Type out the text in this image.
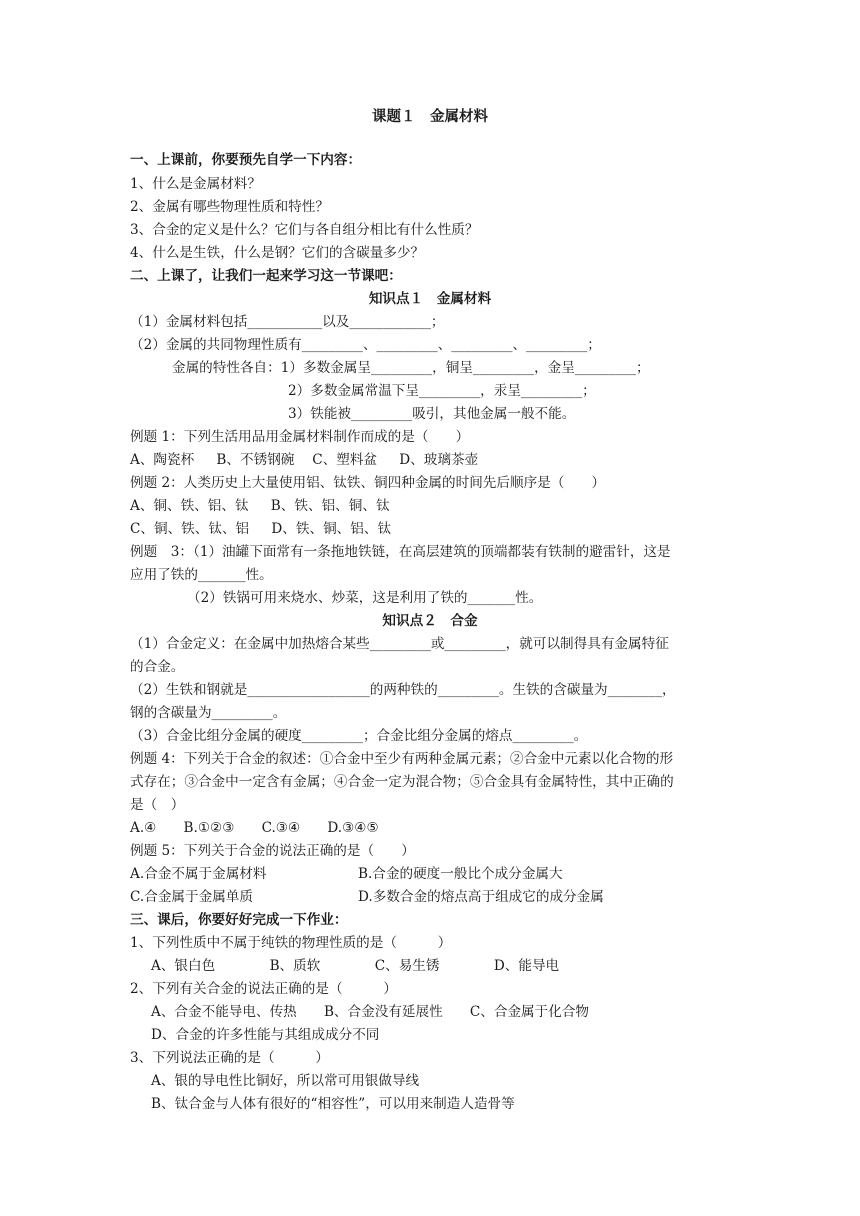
课题１　金属材料
一、上课前，你要预先自学一下内容：
1、什么是金属材料？
2、金属有哪些物理性质和特性？
3、合金的定义是什么？它们与各自组分相比有什么性质？
4、什么是生铁，什么是钢？它们的含碳量多少？
二、上课了，让我们一起来学习这一节课吧：
知识点１　金属材料
（1）金属材料包括___________以及____________；
（2）金属的共同物理性质有_________、_________、_________、_________；
金属的特性各自：1）多数金属呈_________，铜呈_________，金呈_________；
2）多数金属常温下呈_________，汞呈_________；
3）铁能被_________吸引，其他金属一般不能。
例题 1：下列生活用品用金属材料制作而成的是（　　）
A、陶瓷杯　  B、不锈钢碗　 C、塑料盆　  D、玻璃茶壶
例题 2：人类历史上大量使用铝、钛铁、铜四种金属的时间先后顺序是（　　）
A、铜、铁、铝、钛　  B、铁、铝、铜、钛
C、铜、铁、钛、铝　  D、铁、铜、铝、钛
例题　3：（1）油罐下面常有一条拖地铁链，在高层建筑的顶端都装有铁制的避雷针，这是
应用了铁的_______性。
（2）铁锅可用来烧水、炒菜，这是利用了铁的_______性。
知识点２　合金
（1）合金定义：在金属中加热熔合某些_________或_________，就可以制得具有金属特征
的合金。
（2）生铁和钢就是__________________的两种铁的_________。生铁的含碳量为________，
钢的含碳量为_________。
（3）合金比组分金属的硬度_________；合金比组分金属的熔点_________。
例题 4：下列关于合金的叙述：①合金中至少有两种金属元素；②合金中元素以化合物的形
式存在；③合金中一定含有金属；④合金一定为混合物；⑤合金具有金属特性，其中正确的
是（　）
A.④　　B.①②③　　C.③④　　D.③④⑤
例题 5：下列关于合金的说法正确的是（　　）
A.合金不属于金属材料	B.合金的硬度一般比个成分金属大
C.合金属于金属单质	D.多数合金的熔点高于组成它的成分金属
三、课后，你要好好完成一下作业：
1、下列性质中不属于纯铁的物理性质的是（　　　）
A、银白色　　　　B、质软　　　　C、易生锈　　　　D、能导电
2、下列有关合金的说法正确的是（　　　）
A、合金不能导电、传热　　B、合金没有延展性　　C、合金属于化合物
D、合金的许多性能与其组成成分不同
3、下列说法正确的是（　　　）
A、银的导电性比铜好，所以常可用银做导线
B、钛合金与人体有很好的“相容性”，可以用来制造人造骨等
